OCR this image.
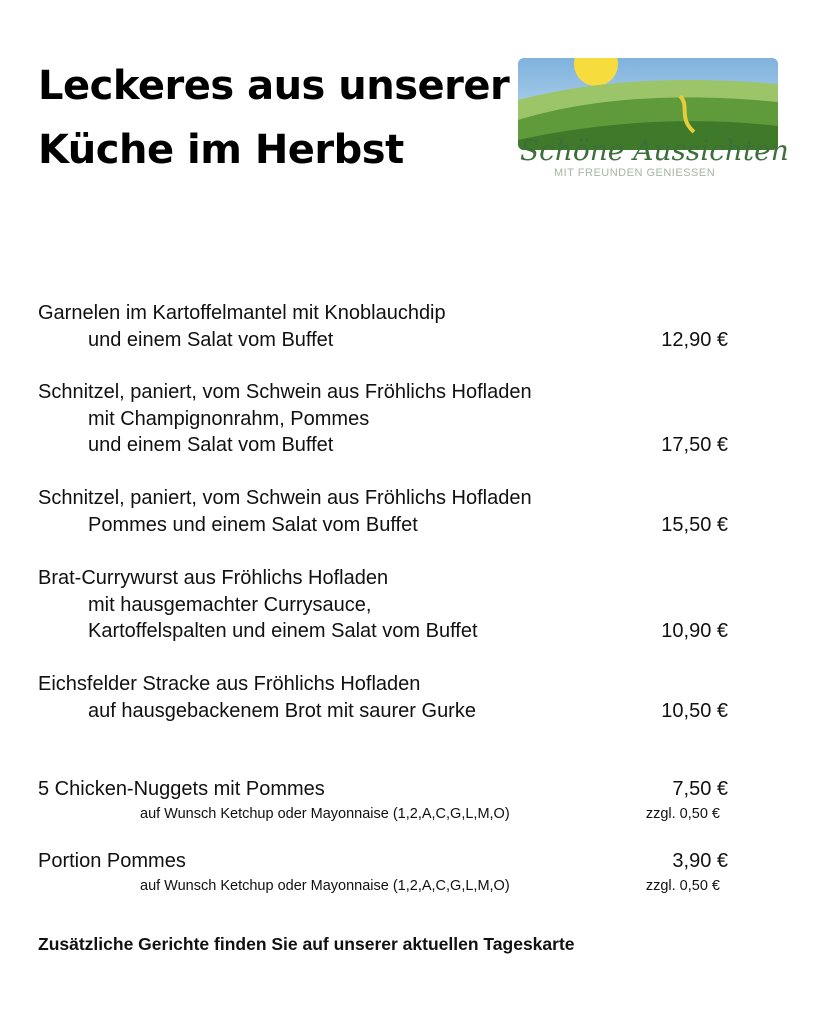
Leckeres aus unserer
Küche im Herbst	Schöne Aussichten
MIT FREUNDEN GENIESSEN
Garnelen im Kartoffelmantel mit Knoblauchdip
und einem Salat vom Buffet	12,90 €
Schnitzel, paniert, vom Schwein aus Fröhlichs Hofladen
mit Champignonrahm, Pommes
und einem Salat vom Buffet	17,50 €
Schnitzel, paniert, vom Schwein aus Fröhlichs Hofladen
Pommes und einem Salat vom Buffet	15,50 €
Brat-Currywurst aus Fröhlichs Hofladen
mit hausgemachter Currysauce,
Kartoffelspalten und einem Salat vom Buffet	10,90 €
Eichsfelder Stracke aus Fröhlichs Hofladen
auf hausgebackenem Brot mit saurer Gurke	10,50 €
5 Chicken-Nuggets mit Pommes	7,50 €
auf Wunsch Ketchup oder Mayonnaise (1,2,A,C,G,L,M,O)	zzgl. 0,50 €
Portion Pommes	3,90 €
auf Wunsch Ketchup oder Mayonnaise (1,2,A,C,G,L,M,O)	zzgl. 0,50 €
Zusätzliche Gerichte finden Sie auf unserer aktuellen Tageskarte
